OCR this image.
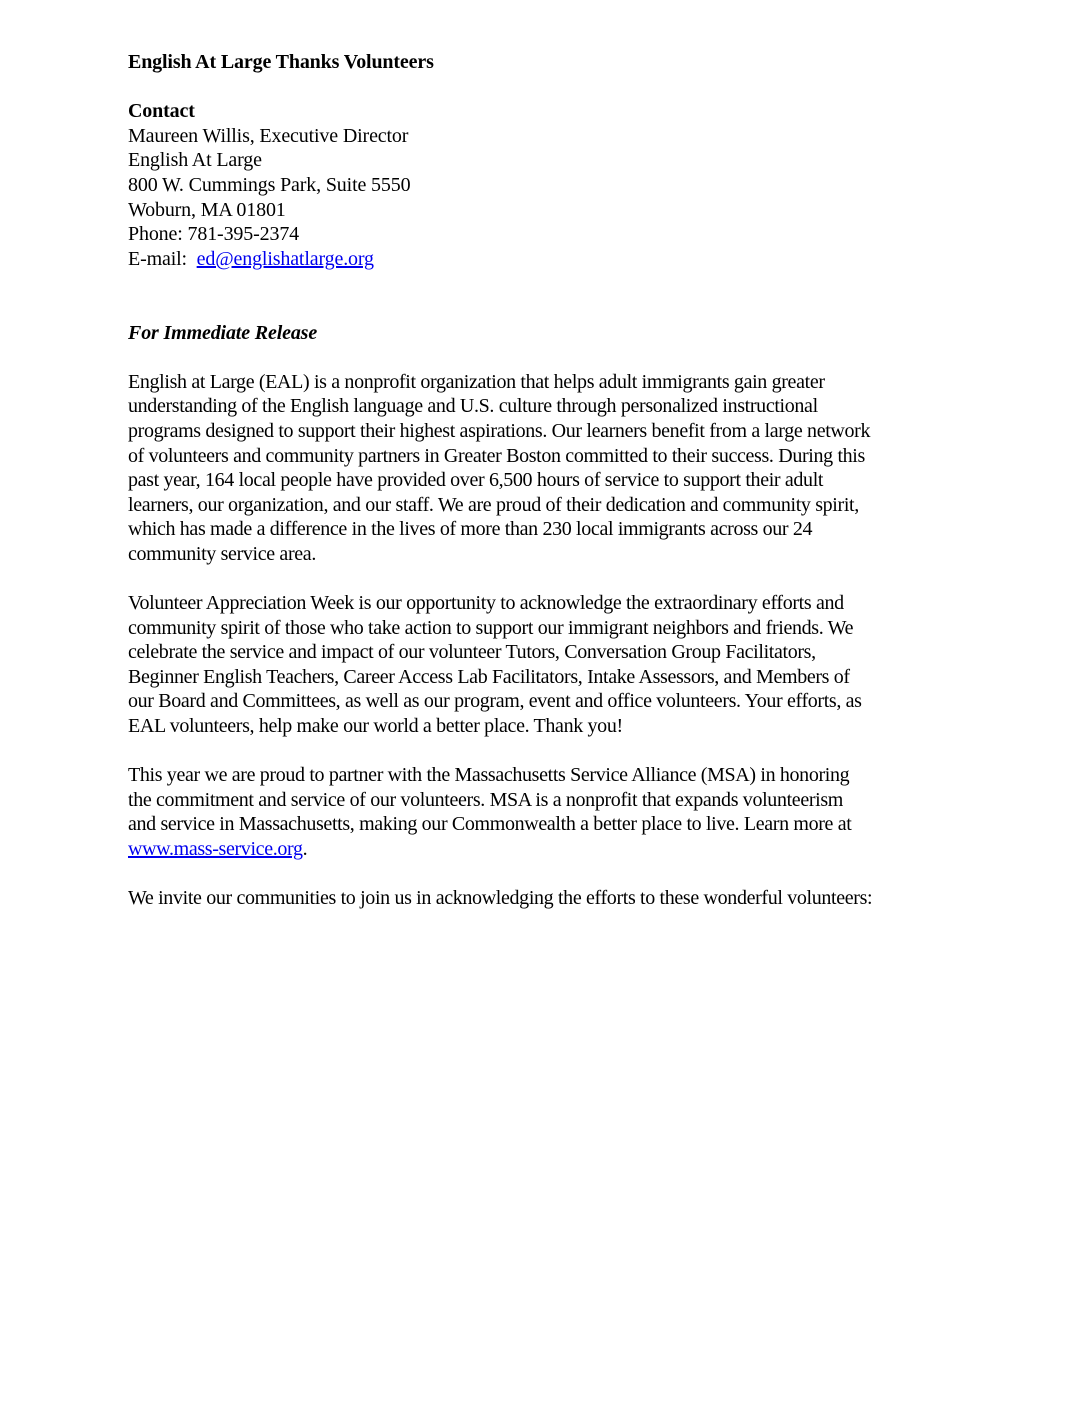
English At Large Thanks Volunteers
Contact
Maureen Willis, Executive Director
English At Large
800 W. Cummings Park, Suite 5550
Woburn, MA 01801
Phone: 781-395-2374
E-mail:  ed@englishatlarge.org
For Immediate Release
English at Large (EAL) is a nonprofit organization that helps adult immigrants gain greater
understanding of the English language and U.S. culture through personalized instructional
programs designed to support their highest aspirations. Our learners benefit from a large network
of volunteers and community partners in Greater Boston committed to their success. During this
past year, 164 local people have provided over 6,500 hours of service to support their adult
learners, our organization, and our staff. We are proud of their dedication and community spirit,
which has made a difference in the lives of more than 230 local immigrants across our 24
community service area.
Volunteer Appreciation Week is our opportunity to acknowledge the extraordinary efforts and
community spirit of those who take action to support our immigrant neighbors and friends. We
celebrate the service and impact of our volunteer Tutors, Conversation Group Facilitators,
Beginner English Teachers, Career Access Lab Facilitators, Intake Assessors, and Members of
our Board and Committees, as well as our program, event and office volunteers. Your efforts, as
EAL volunteers, help make our world a better place. Thank you!
This year we are proud to partner with the Massachusetts Service Alliance (MSA) in honoring
the commitment and service of our volunteers. MSA is a nonprofit that expands volunteerism
and service in Massachusetts, making our Commonwealth a better place to live. Learn more at
www.mass-service.org.
We invite our communities to join us in acknowledging the efforts to these wonderful volunteers:
